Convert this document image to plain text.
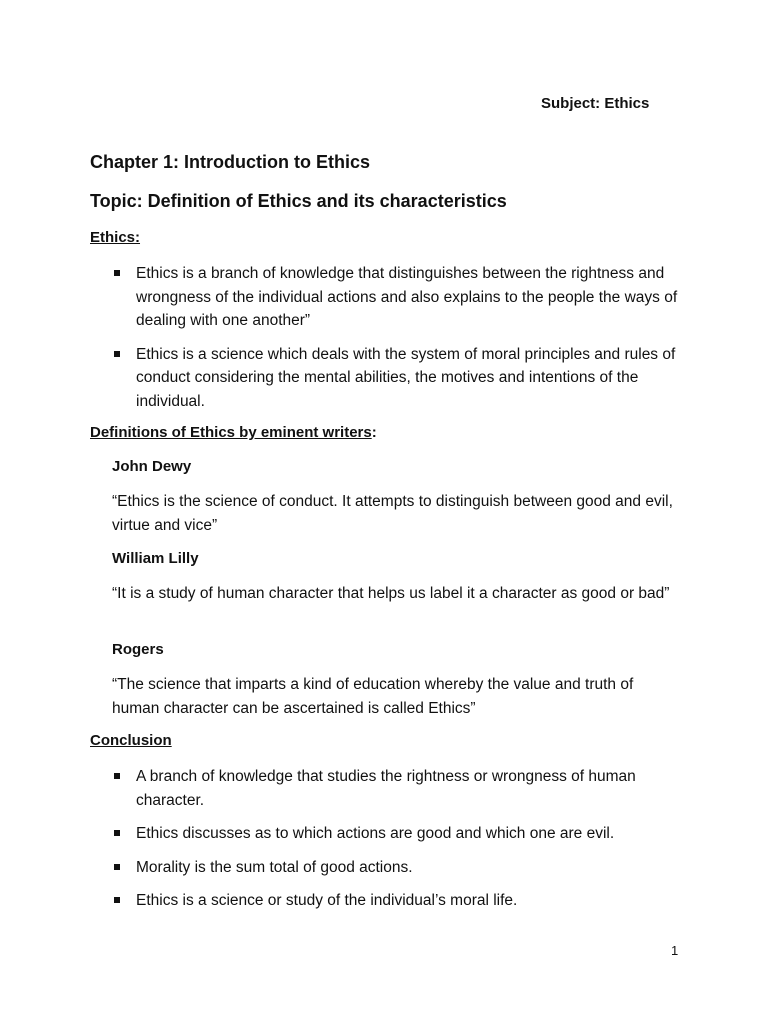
Subject: Ethics
Chapter 1: Introduction to Ethics
Topic: Definition of Ethics and its characteristics
Ethics:
Ethics is a branch of knowledge that distinguishes between the rightness and wrongness of the individual actions and also explains to the people the ways of dealing with one another”
Ethics is a science which deals with the system of moral principles and rules of conduct considering the mental abilities, the motives and intentions of the individual.
Definitions of Ethics by eminent writers:
John Dewy
“Ethics is the science of conduct. It attempts to distinguish between good and evil, virtue and vice”
William Lilly
“It is a study of human character that helps us label it a character as good or bad”
Rogers
“The science that imparts a kind of education whereby the value and truth of human character can be ascertained is called Ethics”
Conclusion
A branch of knowledge that studies the rightness or wrongness of human character.
Ethics discusses as to which actions are good and which one are evil.
Morality is the sum total of good actions.
Ethics is a science or study of the individual’s moral life.
1
